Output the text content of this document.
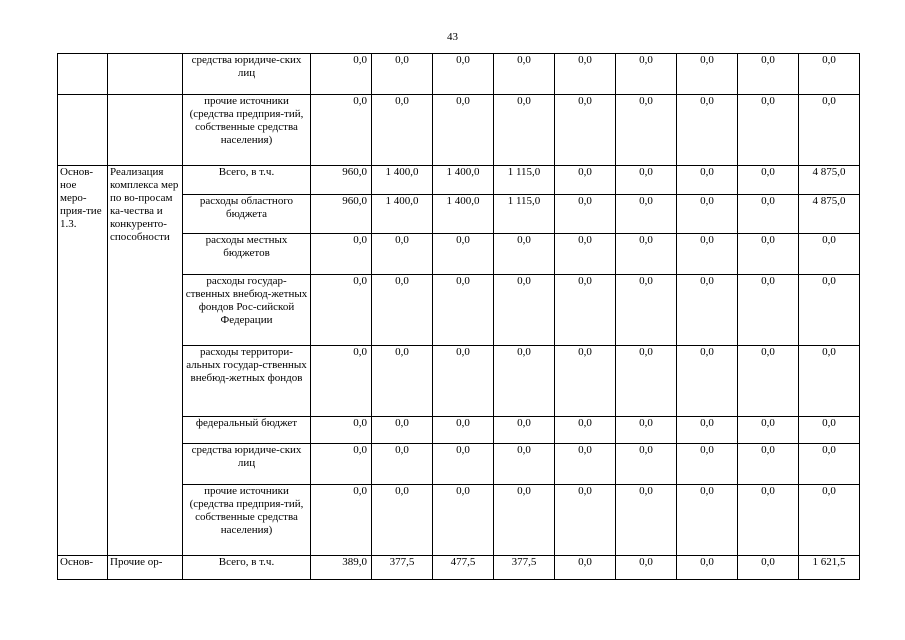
43
		средства юридиче-ских лиц	0,0	0,0	0,0	0,0	0,0	0,0	0,0	0,0	0,0
		прочие источники (средства предприя-тий, собственные средства населения)	0,0	0,0	0,0	0,0	0,0	0,0	0,0	0,0	0,0
Основ-ное меро-прия-тие 1.3.	Реализация комплекса мер по во-просам ка-чества и конкуренто-способности	Всего, в т.ч.	960,0	1 400,0	1 400,0	1 115,0	0,0	0,0	0,0	0,0	4 875,0
		расходы областного бюджета	960,0	1 400,0	1 400,0	1 115,0	0,0	0,0	0,0	0,0	4 875,0
		расходы местных бюджетов	0,0	0,0	0,0	0,0	0,0	0,0	0,0	0,0	0,0
		расходы государ-ственных внебюд-жетных фондов Рос-сийской Федерации	0,0	0,0	0,0	0,0	0,0	0,0	0,0	0,0	0,0
		расходы территори-альных государ-ственных внебюд-жетных фондов	0,0	0,0	0,0	0,0	0,0	0,0	0,0	0,0	0,0
		федеральный бюджет	0,0	0,0	0,0	0,0	0,0	0,0	0,0	0,0	0,0
		средства юридиче-ских лиц	0,0	0,0	0,0	0,0	0,0	0,0	0,0	0,0	0,0
		прочие источники (средства предприя-тий, собственные средства населения)	0,0	0,0	0,0	0,0	0,0	0,0	0,0	0,0	0,0
Основ-	Прочие ор-	Всего, в т.ч.	389,0	377,5	477,5	377,5	0,0	0,0	0,0	0,0	1 621,5
